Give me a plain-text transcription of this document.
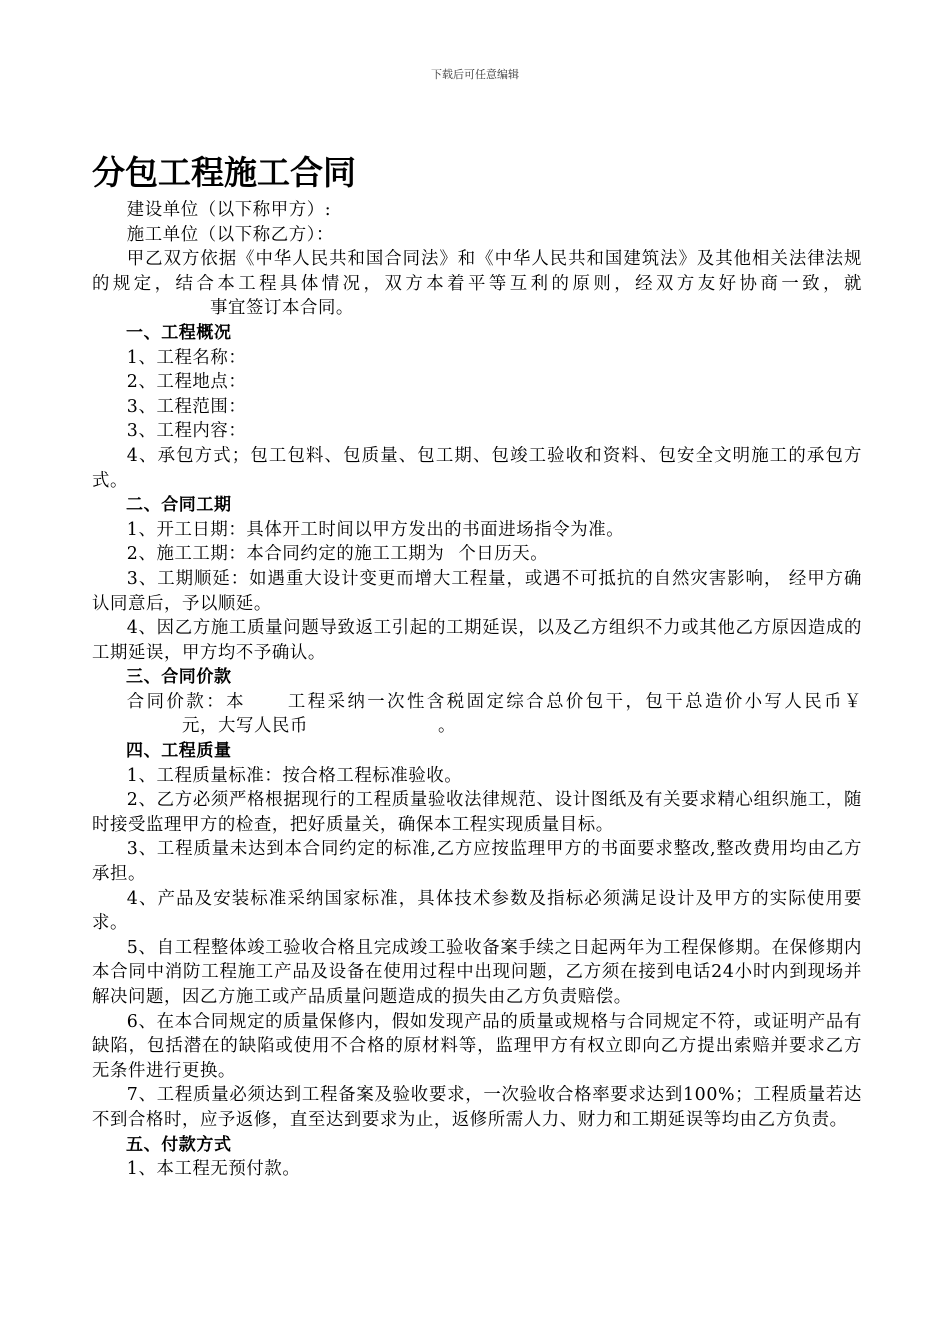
下载后可任意编辑
分包工程施工合同

建设单位（以下称甲方）:

施工单位（以下称乙方）：

甲乙双方依据《中华人民共和国合同法》和《中华人民共和国建筑法》及其他相关法律法规的规定，结合本工程具体情况，双方本着平等互利的原则，经双方友好协商一致，就事宜签订本合同。

一、工程概况

1、工程名称：

2、工程地点：

3、工程范围：

3、工程内容：

4、承包方式；包工包料、包质量、包工期、包竣工验收和资料、包安全文明施工的承包方式。

二、合同工期

1、开工日期：具体开工时间以甲方发出的书面进场指令为准。

2、施工工期：本合同约定的施工工期为 个日历天。

3、工期顺延：如遇重大设计变更而增大工程量，或遇不可抵抗的自然灾害影响， 经甲方确认同意后，予以顺延。

4、因乙方施工质量问题导致返工引起的工期延误，以及乙方组织不力或其他乙方原因造成的工期延误，甲方均不予确认。

三、合同价款

合同价款：本 工程采纳一次性含税固定综合总价包干，包干总造价小写人民币￥元，大写人民币	。

四、工程质量

1、工程质量标准：按合格工程标准验收。

2、乙方必须严格根据现行的工程质量验收法律规范、设计图纸及有关要求精心组织施工，随时接受监理甲方的检查，把好质量关，确保本工程实现质量目标。

3、工程质量未达到本合同约定的标准,乙方应按监理甲方的书面要求整改,整改费用均由乙方承担。

4、产品及安装标准采纳国家标准，具体技术参数及指标必须满足设计及甲方的实际使用要求。

5、自工程整体竣工验收合格且完成竣工验收备案手续之日起两年为工程保修期。在保修期内本合同中消防工程施工产品及设备在使用过程中出现问题，乙方须在接到电话24小时内到现场并解决问题，因乙方施工或产品质量问题造成的损失由乙方负责赔偿。

6、在本合同规定的质量保修内，假如发现产品的质量或规格与合同规定不符，或证明产品有缺陷，包括潜在的缺陷或使用不合格的原材料等，监理甲方有权立即向乙方提出索赔并要求乙方无条件进行更换。

7、工程质量必须达到工程备案及验收要求，一次验收合格率要求达到100%；工程质量若达不到合格时，应予返修，直至达到要求为止，返修所需人力、财力和工期延误等均由乙方负责。

五、付款方式

1、本工程无预付款。
